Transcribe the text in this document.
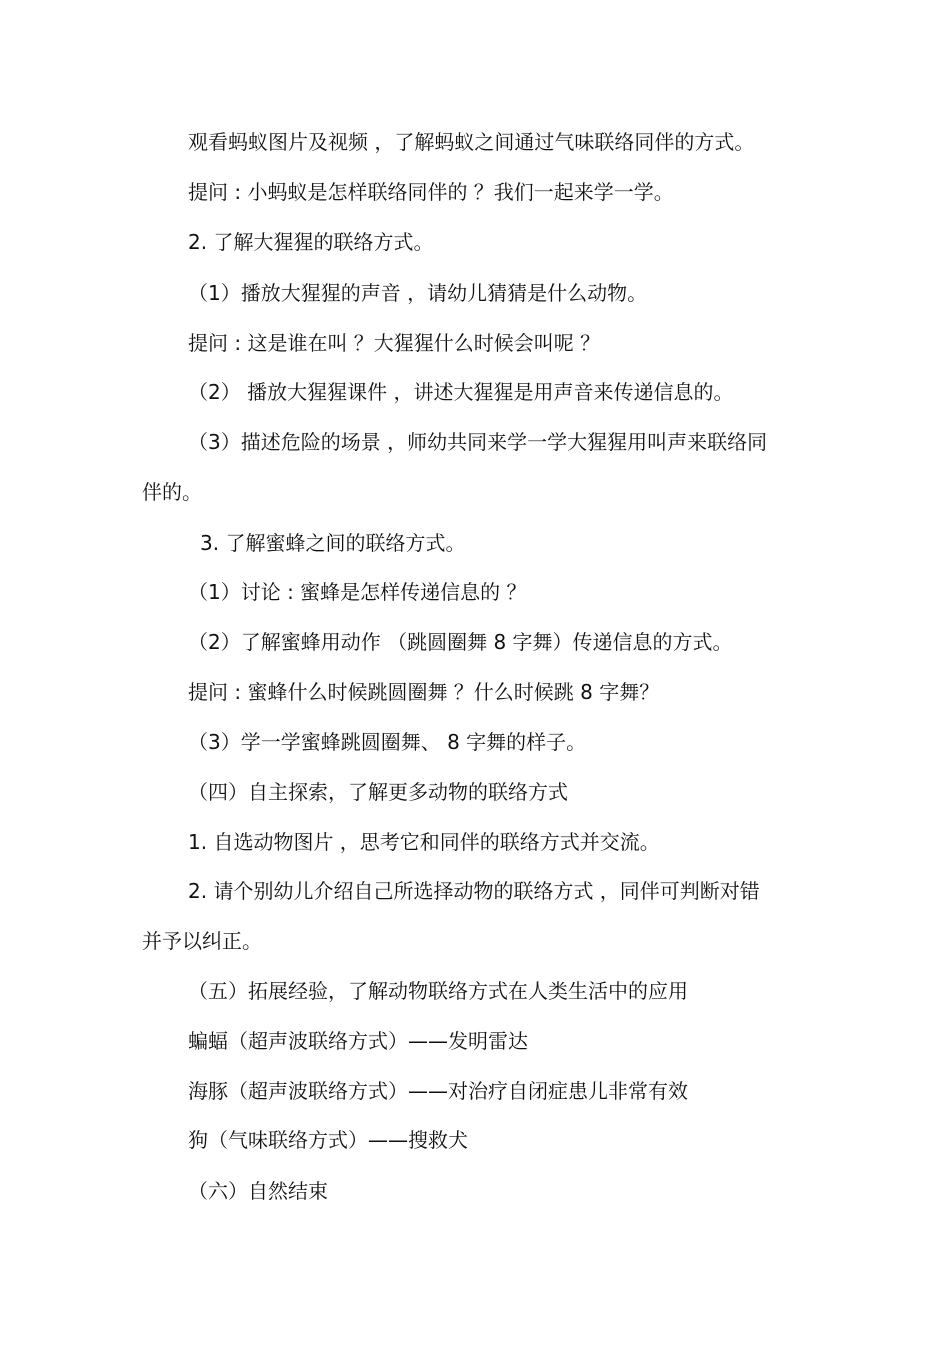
观看蚂蚁图片及视频 ，了解蚂蚁之间通过气味联络同伴的方式。
提问 : 小蚂蚁是怎样联络同伴的 ？我们一起来学一学。
2. 了解大猩猩的联络方式。
（1）播放大猩猩的声音 ，请幼儿猜猜是什么动物。
提问 : 这是谁在叫 ？大猩猩什么时候会叫呢 ？
（2） 播放大猩猩课件 ，讲述大猩猩是用声音来传递信息的。
（3）描述危险的场景 ，师幼共同来学一学大猩猩用叫声来联络同
伴的。
3. 了解蜜蜂之间的联络方式。
（1）讨论 : 蜜蜂是怎样传递信息的 ？
（2）了解蜜蜂用动作 （跳圆圈舞 8 字舞）传递信息的方式。
提问 : 蜜蜂什么时候跳圆圈舞 ？什么时候跳 8 字舞？
（3）学一学蜜蜂跳圆圈舞、 8 字舞的样子。
（四）自主探索，了解更多动物的联络方式
1. 自选动物图片 ，思考它和同伴的联络方式并交流。
2. 请个别幼儿介绍自己所选择动物的联络方式 ，同伴可判断对错
并予以纠正。
（五）拓展经验，了解动物联络方式在人类生活中的应用
蝙蝠（超声波联络方式）——发明雷达
海豚（超声波联络方式）——对治疗自闭症患儿非常有效
狗（气味联络方式）——搜救犬
（六）自然结束
